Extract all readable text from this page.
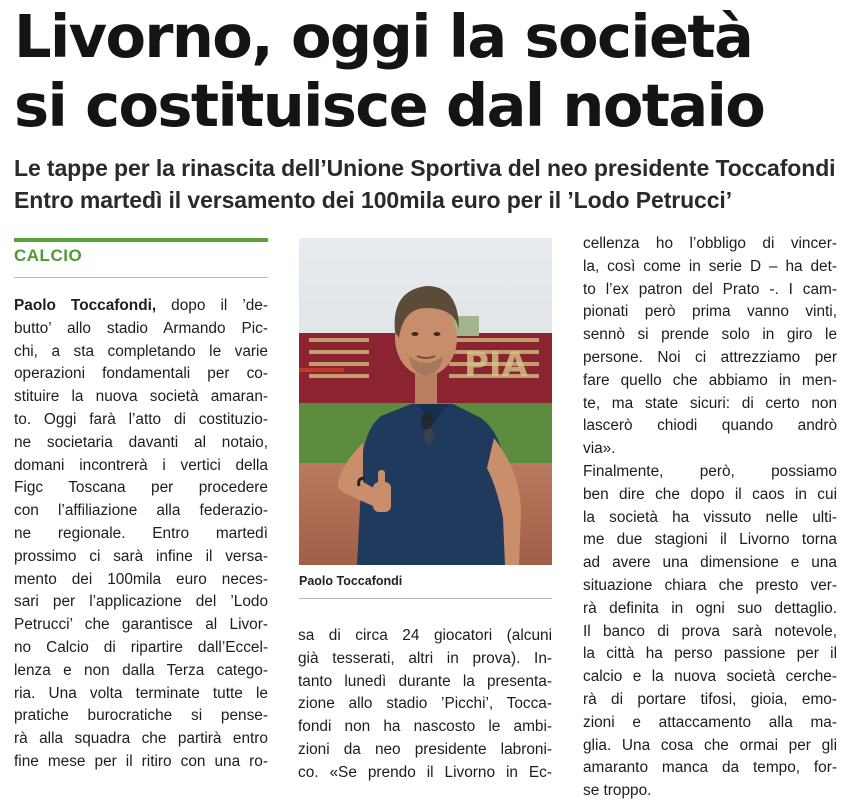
Livorno, oggi la società
si costituisce dal notaio
Le tappe per la rinascita dell’Unione Sportiva del neo presidente Toccafondi
Entro martedì il versamento dei 100mila euro per il ’Lodo Petrucci’
CALCIO
Paolo Toccafondi, dopo il ’de-
butto’ allo stadio Armando Pic-
chi, a sta completando le varie
operazioni fondamentali per co-
stituire la nuova società amaran-
to. Oggi farà l’atto di costituzio-
ne societaria davanti al notaio,
domani incontrerà i vertici della
Figc Toscana per procedere
con l’affiliazione alla federazio-
ne regionale. Entro martedì
prossimo ci sarà infine il versa-
mento dei 100mila euro neces-
sari per l’applicazione del ’Lodo
Petrucci’ che garantisce al Livor-
no Calcio di ripartire dall’Eccel-
lenza e non dalla Terza catego-
ria. Una volta terminate tutte le
pratiche burocratiche si pense-
rà alla squadra che partirà entro
fine mese per il ritiro con una ro-
PIA
Paolo Toccafondi
sa di circa 24 giocatori (alcuni
già tesserati, altri in prova). In-
tanto lunedì durante la presenta-
zione allo stadio ’Picchi’, Tocca-
fondi non ha nascosto le ambi-
zioni da neo presidente labroni-
co. «Se prendo il Livorno in Ec-
cellenza ho l’obbligo di vincer-
la, così come in serie D – ha det-
to l’ex patron del Prato -. I cam-
pionati però prima vanno vinti,
sennò si prende solo in giro le
persone. Noi ci attrezziamo per
fare quello che abbiamo in men-
te, ma state sicuri: di certo non
lascerò chiodi quando andrò
via».
Finalmente, però, possiamo
ben dire che dopo il caos in cui
la società ha vissuto nelle ulti-
me due stagioni il Livorno torna
ad avere una dimensione e una
situazione chiara che presto ver-
rà definita in ogni suo dettaglio.
Il banco di prova sarà notevole,
la città ha perso passione per il
calcio e la nuova società cerche-
rà di portare tifosi, gioia, emo-
zioni e attaccamento alla ma-
glia. Una cosa che ormai per gli
amaranto manca da tempo, for-
se troppo.
